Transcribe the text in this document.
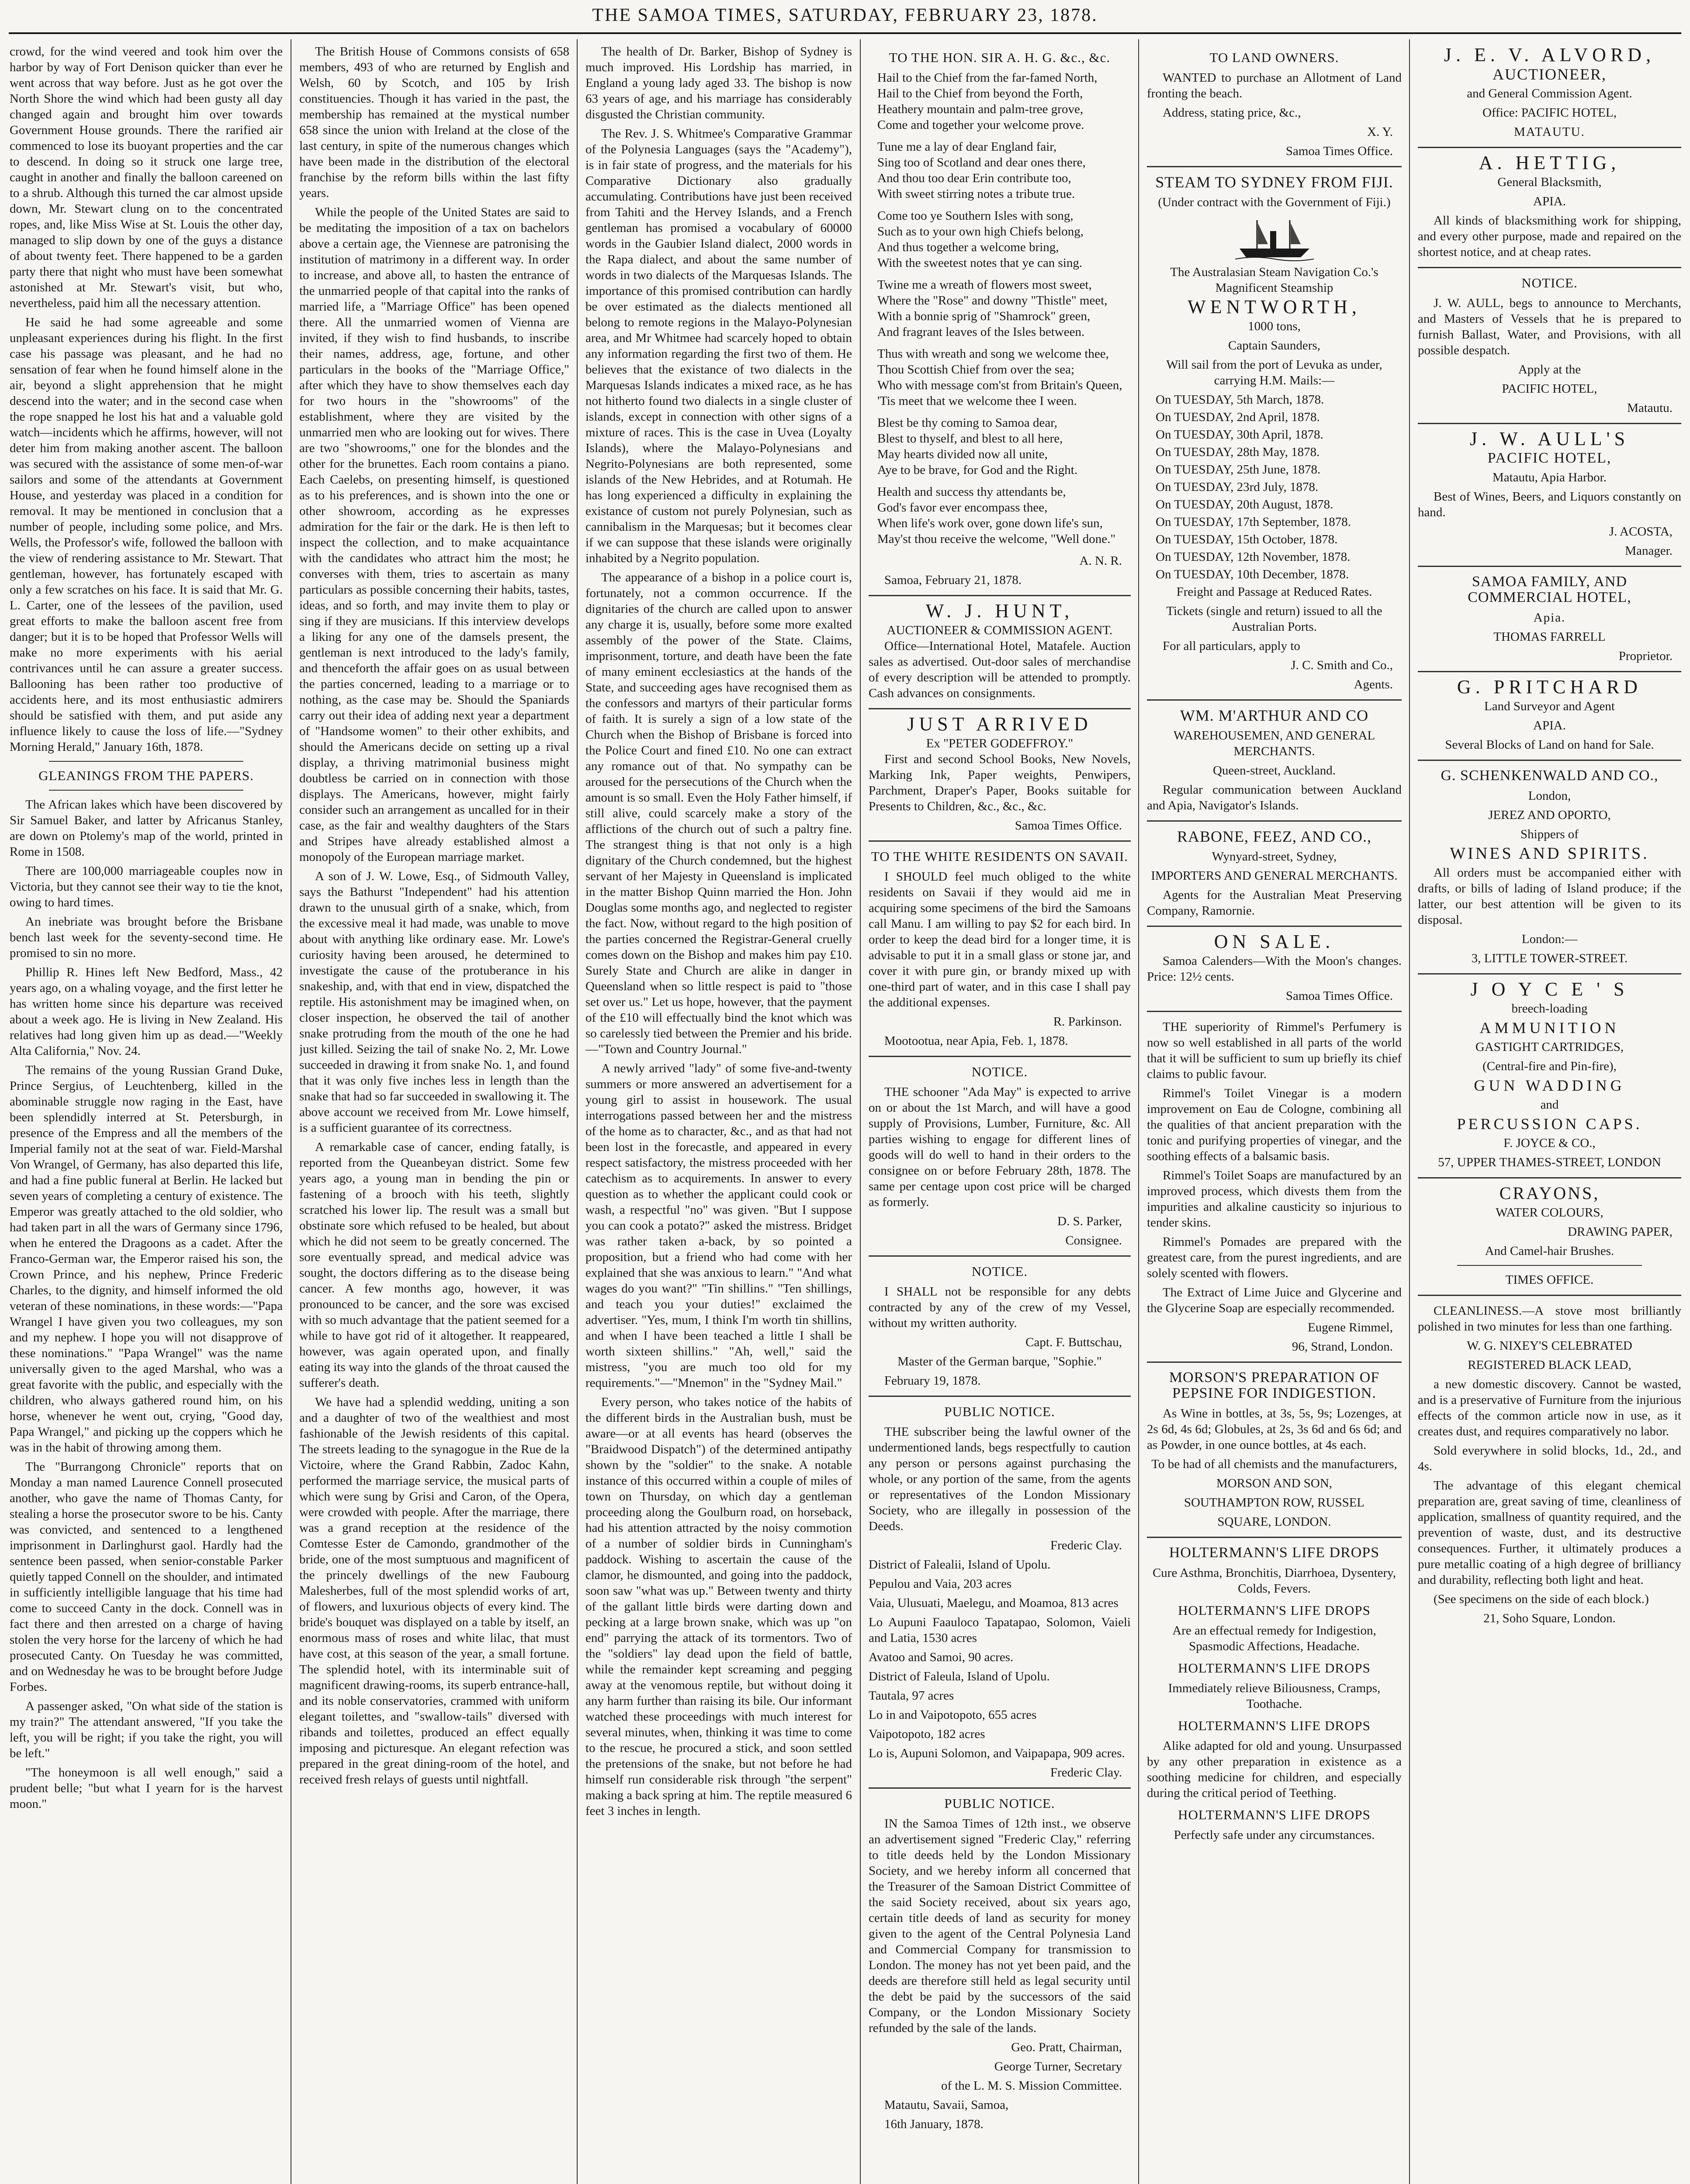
THE SAMOA TIMES, SATURDAY, FEBRUARY 23, 1878.

crowd, for the wind veered and took him over the harbor by way of Fort Denison quicker than ever he went across that way before. Just as he got over the North Shore the wind which had been gusty all day changed again and brought him over towards Government House grounds. There the rarified air commenced to lose its buoyant properties and the car to descend. In doing so it struck one large tree, caught in another and finally the balloon careened on to a shrub. Although this turned the car almost upside down, Mr. Stewart clung on to the concentrated ropes, and, like Miss Wise at St. Louis the other day, managed to slip down by one of the guys a distance of about twenty feet. There happened to be a garden party there that night who must have been somewhat astonished at Mr. Stewart's visit, but who, nevertheless, paid him all the necessary attention.

He said he had some agreeable and some unpleasant experiences during his flight. In the first case his passage was pleasant, and he had no sensation of fear when he found himself alone in the air, beyond a slight apprehension that he might descend into the water; and in the second case when the rope snapped he lost his hat and a valuable gold watch—incidents which he affirms, however, will not deter him from making another ascent. The balloon was secured with the assistance of some men-of-war sailors and some of the attendants at Government House, and yesterday was placed in a condition for removal. It may be mentioned in conclusion that a number of people, including some police, and Mrs. Wells, the Professor's wife, followed the balloon with the view of rendering assistance to Mr. Stewart. That gentleman, however, has fortunately escaped with only a few scratches on his face. It is said that Mr. G. L. Carter, one of the lessees of the pavilion, used great efforts to make the balloon ascent free from danger; but it is to be hoped that Professor Wells will make no more experiments with his aerial contrivances until he can assure a greater success. Ballooning has been rather too productive of accidents here, and its most enthusiastic admirers should be satisfied with them, and put aside any influence likely to cause the loss of life.—"Sydney Morning Herald," January 16th, 1878.

GLEANINGS FROM THE PAPERS.

The African lakes which have been discovered by Sir Samuel Baker, and latter by Africanus Stanley, are down on Ptolemy's map of the world, printed in Rome in 1508.

There are 100,000 marriageable couples now in Victoria, but they cannot see their way to tie the knot, owing to hard times.

An inebriate was brought before the Brisbane bench last week for the seventy-second time. He promised to sin no more.

Phillip R. Hines left New Bedford, Mass., 42 years ago, on a whaling voyage, and the first letter he has written home since his departure was received about a week ago. He is living in New Zealand. His relatives had long given him up as dead.—"Weekly Alta California," Nov. 24.

The remains of the young Russian Grand Duke, Prince Sergius, of Leuchtenberg, killed in the abominable struggle now raging in the East, have been splendidly interred at St. Petersburgh, in presence of the Empress and all the members of the Imperial family not at the seat of war. Field-Marshal Von Wrangel, of Germany, has also departed this life, and had a fine public funeral at Berlin. He lacked but seven years of completing a century of existence. The Emperor was greatly attached to the old soldier, who had taken part in all the wars of Germany since 1796, when he entered the Dragoons as a cadet. After the Franco-German war, the Emperor raised his son, the Crown Prince, and his nephew, Prince Frederic Charles, to the dignity, and himself informed the old veteran of these nominations, in these words:—"Papa Wrangel I have given you two colleagues, my son and my nephew. I hope you will not disapprove of these nominations." "Papa Wrangel" was the name universally given to the aged Marshal, who was a great favorite with the public, and especially with the children, who always gathered round him, on his horse, whenever he went out, crying, "Good day, Papa Wrangel," and picking up the coppers which he was in the habit of throwing among them.

The "Burrangong Chronicle" reports that on Monday a man named Laurence Connell prosecuted another, who gave the name of Thomas Canty, for stealing a horse the prosecutor swore to be his. Canty was convicted, and sentenced to a lengthened imprisonment in Darlinghurst gaol. Hardly had the sentence been passed, when senior-constable Parker quietly tapped Connell on the shoulder, and intimated in sufficiently intelligible language that his time had come to succeed Canty in the dock. Connell was in fact there and then arrested on a charge of having stolen the very horse for the larceny of which he had prosecuted Canty. On Tuesday he was committed, and on Wednesday he was to be brought before Judge Forbes.

A passenger asked, "On what side of the station is my train?" The attendant answered, "If you take the left, you will be right; if you take the right, you will be left."

"The honeymoon is all well enough," said a prudent belle; "but what I yearn for is the harvest moon."

The British House of Commons consists of 658 members, 493 of who are returned by English and Welsh, 60 by Scotch, and 105 by Irish constituencies. Though it has varied in the past, the membership has remained at the mystical number 658 since the union with Ireland at the close of the last century, in spite of the numerous changes which have been made in the distribution of the electoral franchise by the reform bills within the last fifty years.

While the people of the United States are said to be meditating the imposition of a tax on bachelors above a certain age, the Viennese are patronising the institution of matrimony in a different way. In order to increase, and above all, to hasten the entrance of the unmarried people of that capital into the ranks of married life, a "Marriage Office" has been opened there. All the unmarried women of Vienna are invited, if they wish to find husbands, to inscribe their names, address, age, fortune, and other particulars in the books of the "Marriage Office," after which they have to show themselves each day for two hours in the "showrooms" of the establishment, where they are visited by the unmarried men who are looking out for wives. There are two "showrooms," one for the blondes and the other for the brunettes. Each room contains a piano. Each Caelebs, on presenting himself, is questioned as to his preferences, and is shown into the one or other showroom, according as he expresses admiration for the fair or the dark. He is then left to inspect the collection, and to make acquaintance with the candidates who attract him the most; he converses with them, tries to ascertain as many particulars as possible concerning their habits, tastes, ideas, and so forth, and may invite them to play or sing if they are musicians. If this interview develops a liking for any one of the damsels present, the gentleman is next introduced to the lady's family, and thenceforth the affair goes on as usual between the parties concerned, leading to a marriage or to nothing, as the case may be. Should the Spaniards carry out their idea of adding next year a department of "Handsome women" to their other exhibits, and should the Americans decide on setting up a rival display, a thriving matrimonial business might doubtless be carried on in connection with those displays. The Americans, however, might fairly consider such an arrangement as uncalled for in their case, as the fair and wealthy daughters of the Stars and Stripes have already established almost a monopoly of the European marriage market.

A son of J. W. Lowe, Esq., of Sidmouth Valley, says the Bathurst "Independent" had his attention drawn to the unusual girth of a snake, which, from the excessive meal it had made, was unable to move about with anything like ordinary ease. Mr. Lowe's curiosity having been aroused, he determined to investigate the cause of the protuberance in his snakeship, and, with that end in view, dispatched the reptile. His astonishment may be imagined when, on closer inspection, he observed the tail of another snake protruding from the mouth of the one he had just killed. Seizing the tail of snake No. 2, Mr. Lowe succeeded in drawing it from snake No. 1, and found that it was only five inches less in length than the snake that had so far succeeded in swallowing it. The above account we received from Mr. Lowe himself, is a sufficient guarantee of its correctness.

A remarkable case of cancer, ending fatally, is reported from the Queanbeyan district. Some few years ago, a young man in bending the pin or fastening of a brooch with his teeth, slightly scratched his lower lip. The result was a small but obstinate sore which refused to be healed, but about which he did not seem to be greatly concerned. The sore eventually spread, and medical advice was sought, the doctors differing as to the disease being cancer. A few months ago, however, it was pronounced to be cancer, and the sore was excised with so much advantage that the patient seemed for a while to have got rid of it altogether. It reappeared, however, was again operated upon, and finally eating its way into the glands of the throat caused the sufferer's death.

We have had a splendid wedding, uniting a son and a daughter of two of the wealthiest and most fashionable of the Jewish residents of this capital. The streets leading to the synagogue in the Rue de la Victoire, where the Grand Rabbin, Zadoc Kahn, performed the marriage service, the musical parts of which were sung by Grisi and Caron, of the Opera, were crowded with people. After the marriage, there was a grand reception at the residence of the Comtesse Ester de Camondo, grandmother of the bride, one of the most sumptuous and magnificent of the princely dwellings of the new Faubourg Malesherbes, full of the most splendid works of art, of flowers, and luxurious objects of every kind. The bride's bouquet was displayed on a table by itself, an enormous mass of roses and white lilac, that must have cost, at this season of the year, a small fortune. The splendid hotel, with its interminable suit of magnificent drawing-rooms, its superb entrance-hall, and its noble conservatories, crammed with uniform elegant toilettes, and "swallow-tails" diversed with ribands and toilettes, produced an effect equally imposing and picturesque. An elegant refection was prepared in the great dining-room of the hotel, and received fresh relays of guests until nightfall.

The health of Dr. Barker, Bishop of Sydney is much improved. His Lordship has married, in England a young lady aged 33. The bishop is now 63 years of age, and his marriage has considerably disgusted the Christian community.

The Rev. J. S. Whitmee's Comparative Grammar of the Polynesia Languages (says the "Academy"), is in fair state of progress, and the materials for his Comparative Dictionary also gradually accumulating. Contributions have just been received from Tahiti and the Hervey Islands, and a French gentleman has promised a vocabulary of 60000 words in the Gaubier Island dialect, 2000 words in the Rapa dialect, and about the same number of words in two dialects of the Marquesas Islands. The importance of this promised contribution can hardly be over estimated as the dialects mentioned all belong to remote regions in the Malayo-Polynesian area, and Mr Whitmee had scarcely hoped to obtain any information regarding the first two of them. He believes that the existance of two dialects in the Marquesas Islands indicates a mixed race, as he has not hitherto found two dialects in a single cluster of islands, except in connection with other signs of a mixture of races. This is the case in Uvea (Loyalty Islands), where the Malayo-Polynesians and Negrito-Polynesians are both represented, some islands of the New Hebrides, and at Rotumah. He has long experienced a difficulty in explaining the existance of custom not purely Polynesian, such as cannibalism in the Marquesas; but it becomes clear if we can suppose that these islands were originally inhabited by a Negrito population.

The appearance of a bishop in a police court is, fortunately, not a common occurrence. If the dignitaries of the church are called upon to answer any charge it is, usually, before some more exalted assembly of the power of the State. Claims, imprisonment, torture, and death have been the fate of many eminent ecclesiastics at the hands of the State, and succeeding ages have recognised them as the confessors and martyrs of their particular forms of faith. It is surely a sign of a low state of the Church when the Bishop of Brisbane is forced into the Police Court and fined £10. No one can extract any romance out of that. No sympathy can be aroused for the persecutions of the Church when the amount is so small. Even the Holy Father himself, if still alive, could scarcely make a story of the afflictions of the church out of such a paltry fine. The strangest thing is that not only is a high dignitary of the Church condemned, but the highest servant of her Majesty in Queensland is implicated in the matter Bishop Quinn married the Hon. John Douglas some months ago, and neglected to register the fact. Now, without regard to the high position of the parties concerned the Registrar-General cruelly comes down on the Bishop and makes him pay £10. Surely State and Church are alike in danger in Queensland when so little respect is paid to "those set over us." Let us hope, however, that the payment of the £10 will effectually bind the knot which was so carelessly tied between the Premier and his bride.—"Town and Country Journal."

A newly arrived "lady" of some five-and-twenty summers or more answered an advertisement for a young girl to assist in housework. The usual interrogations passed between her and the mistress of the home as to character, &c., and as that had not been lost in the forecastle, and appeared in every respect satisfactory, the mistress proceeded with her catechism as to acquirements. In answer to every question as to whether the applicant could cook or wash, a respectful "no" was given. "But I suppose you can cook a potato?" asked the mistress. Bridget was rather taken a-back, by so pointed a proposition, but a friend who had come with her explained that she was anxious to learn." "And what wages do you want?" "Tin shillins." "Ten shillings, and teach you your duties!" exclaimed the advertiser. "Yes, mum, I think I'm worth tin shillins, and when I have been teached a little I shall be worth sixteen shillins." "Ah, well," said the mistress, "you are much too old for my requirements."—"Mnemon" in the "Sydney Mail."

Every person, who takes notice of the habits of the different birds in the Australian bush, must be aware—or at all events has heard (observes the "Braidwood Dispatch") of the determined antipathy shown by the "soldier" to the snake. A notable instance of this occurred within a couple of miles of town on Thursday, on which day a gentleman proceeding along the Goulburn road, on horseback, had his attention attracted by the noisy commotion of a number of soldier birds in Cunningham's paddock. Wishing to ascertain the cause of the clamor, he dismounted, and going into the paddock, soon saw "what was up." Between twenty and thirty of the gallant little birds were darting down and pecking at a large brown snake, which was up "on end" parrying the attack of its tormentors. Two of the "soldiers" lay dead upon the field of battle, while the remainder kept screaming and pegging away at the venomous reptile, but without doing it any harm further than raising its bile. Our informant watched these proceedings with much interest for several minutes, when, thinking it was time to come to the rescue, he procured a stick, and soon settled the pretensions of the snake, but not before he had himself run considerable risk through "the serpent" making a back spring at him. The reptile measured 6 feet 3 inches in length.

TO THE HON. SIR A. H. G. &c., &c.

Hail to the Chief from the far-famed North,

Hail to the Chief from beyond the Forth,

Heathery mountain and palm-tree grove,

Come and together your welcome prove.

Tune me a lay of dear England fair,

Sing too of Scotland and dear ones there,

And thou too dear Erin contribute too,

With sweet stirring notes a tribute true.

Come too ye Southern Isles with song,

Such as to your own high Chiefs belong,

And thus together a welcome bring,

With the sweetest notes that ye can sing.

Twine me a wreath of flowers most sweet,

Where the "Rose" and downy "Thistle" meet,

With a bonnie sprig of "Shamrock" green,

And fragrant leaves of the Isles between.

Thus with wreath and song we welcome thee,

Thou Scottish Chief from over the sea;

Who with message com'st from Britain's Queen,

'Tis meet that we welcome thee I ween.

Blest be thy coming to Samoa dear,

Blest to thyself, and blest to all here,

May hearts divided now all unite,

Aye to be brave, for God and the Right.

Health and success thy attendants be,

God's favor ever encompass thee,

When life's work over, gone down life's sun,

May'st thou receive the welcome, "Well done."

A. N. R.

Samoa, February 21, 1878.

W. J. HUNT,
AUCTIONEER & COMMISSION AGENT.

Office—International Hotel, Matafele. Auction sales as advertised. Out-door sales of merchandise of every description will be attended to promptly. Cash advances on consignments.

JUST ARRIVED
Ex "PETER GODEFFROY."

First and second School Books, New Novels, Marking Ink, Paper weights, Penwipers, Parchment, Draper's Paper, Books suitable for Presents to Children, &c., &c., &c.

Samoa Times Office.

TO THE WHITE RESIDENTS ON SAVAII.

I SHOULD feel much obliged to the white residents on Savaii if they would aid me in acquiring some specimens of the bird the Samoans call Manu. I am willing to pay $2 for each bird. In order to keep the dead bird for a longer time, it is advisable to put it in a small glass or stone jar, and cover it with pure gin, or brandy mixed up with one-third part of water, and in this case I shall pay the additional expenses.

R. Parkinson.

Mootootua, near Apia, Feb. 1, 1878.

NOTICE.

THE schooner "Ada May" is expected to arrive on or about the 1st March, and will have a good supply of Provisions, Lumber, Furniture, &c. All parties wishing to engage for different lines of goods will do well to hand in their orders to the consignee on or before February 28th, 1878. The same per centage upon cost price will be charged as formerly.

D. S. Parker,

Consignee.

NOTICE.

I SHALL not be responsible for any debts contracted by any of the crew of my Vessel, without my written authority.

Capt. F. Buttschau,

Master of the German barque, "Sophie."

February 19, 1878.

PUBLIC NOTICE.

THE subscriber being the lawful owner of the undermentioned lands, begs respectfully to caution any person or persons against purchasing the whole, or any portion of the same, from the agents or representatives of the London Missionary Society, who are illegally in possession of the Deeds.

Frederic Clay.

District of Falealii, Island of Upolu.

Pepulou and Vaia, 203 acres

Vaia, Ulusuati, Maelegu, and Moamoa, 813 acres

Lo Aupuni Faauloco Tapatapao, Solomon, Vaieli and Latia, 1530 acres

Avatoo and Samoi, 90 acres.

District of Faleula, Island of Upolu.

Tautala, 97 acres

Lo in and Vaipotopoto, 655 acres

Vaipotopoto, 182 acres

Lo is, Aupuni Solomon, and Vaipapapa, 909 acres.

Frederic Clay.

PUBLIC NOTICE.

IN the Samoa Times of 12th inst., we observe an advertisement signed "Frederic Clay," referring to title deeds held by the London Missionary Society, and we hereby inform all concerned that the Treasurer of the Samoan District Committee of the said Society received, about six years ago, certain title deeds of land as security for money given to the agent of the Central Polynesia Land and Commercial Company for transmission to London. The money has not yet been paid, and the deeds are therefore still held as legal security until the debt be paid by the successors of the said Company, or the London Missionary Society refunded by the sale of the lands.

Geo. Pratt, Chairman,

George Turner, Secretary

of the L. M. S. Mission Committee.

Matautu, Savaii, Samoa,

16th January, 1878.

TO LAND OWNERS.

WANTED to purchase an Allotment of Land fronting the beach.

Address, stating price, &c.,

X. Y.

Samoa Times Office.

STEAM TO SYDNEY FROM FIJI.

(Under contract with the Government of Fiji.)

The Australasian Steam Navigation Co.'s Magnificent Steamship

WENTWORTH,

1000 tons,

Captain Saunders,

Will sail from the port of Levuka as under, carrying H.M. Mails:—

On TUESDAY, 5th March, 1878.

On TUESDAY, 2nd April, 1878.

On TUESDAY, 30th April, 1878.

On TUESDAY, 28th May, 1878.

On TUESDAY, 25th June, 1878.

On TUESDAY, 23rd July, 1878.

On TUESDAY, 20th August, 1878.

On TUESDAY, 17th September, 1878.

On TUESDAY, 15th October, 1878.

On TUESDAY, 12th November, 1878.

On TUESDAY, 10th December, 1878.

Freight and Passage at Reduced Rates.

Tickets (single and return) issued to all the Australian Ports.

For all particulars, apply to

J. C. Smith and Co.,

Agents.

WM. M'ARTHUR AND CO

WAREHOUSEMEN, AND GENERAL MERCHANTS.

Queen-street, Auckland.

Regular communication between Auckland and Apia, Navigator's Islands.

RABONE, FEEZ, AND CO.,

Wynyard-street, Sydney,

IMPORTERS AND GENERAL MERCHANTS.

Agents for the Australian Meat Preserving Company, Ramornie.

ON SALE.

Samoa Calenders—With the Moon's changes. Price: 12½ cents.

Samoa Times Office.

THE superiority of Rimmel's Perfumery is now so well established in all parts of the world that it will be sufficient to sum up briefly its chief claims to public favour.

Rimmel's Toilet Vinegar is a modern improvement on Eau de Cologne, combining all the qualities of that ancient preparation with the tonic and purifying properties of vinegar, and the soothing effects of a balsamic basis.

Rimmel's Toilet Soaps are manufactured by an improved process, which divests them from the impurities and alkaline causticity so injurious to tender skins.

Rimmel's Pomades are prepared with the greatest care, from the purest ingredients, and are solely scented with flowers.

The Extract of Lime Juice and Glycerine and the Glycerine Soap are especially recommended.

Eugene Rimmel,

96, Strand, London.

MORSON'S PREPARATION OF PEPSINE FOR INDIGESTION.

As Wine in bottles, at 3s, 5s, 9s; Lozenges, at 2s 6d, 4s 6d; Globules, at 2s, 3s 6d and 6s 6d; and as Powder, in one ounce bottles, at 4s each.

To be had of all chemists and the manufacturers,

MORSON AND SON,

SOUTHAMPTON ROW, RUSSEL

SQUARE, LONDON.

HOLTERMANN'S LIFE DROPS

Cure Asthma, Bronchitis, Diarrhoea, Dysentery, Colds, Fevers.

HOLTERMANN'S LIFE DROPS

Are an effectual remedy for Indigestion, Spasmodic Affections, Headache.

HOLTERMANN'S LIFE DROPS

Immediately relieve Biliousness, Cramps, Toothache.

HOLTERMANN'S LIFE DROPS

Alike adapted for old and young. Unsurpassed by any other preparation in existence as a soothing medicine for children, and especially during the critical period of Teething.

HOLTERMANN'S LIFE DROPS

Perfectly safe under any circumstances.

J. E. V. ALVORD,

AUCTIONEER,

and General Commission Agent.

Office: PACIFIC HOTEL,

MATAUTU.

A. HETTIG,

General Blacksmith,

APIA.

All kinds of blacksmithing work for shipping, and every other purpose, made and repaired on the shortest notice, and at cheap rates.

NOTICE.

J. W. AULL, begs to announce to Merchants, and Masters of Vessels that he is prepared to furnish Ballast, Water, and Provisions, with all possible despatch.

Apply at the

PACIFIC HOTEL,

Matautu.

J. W. AULL'S

PACIFIC HOTEL,

Matautu, Apia Harbor.

Best of Wines, Beers, and Liquors constantly on hand.

J. ACOSTA,

Manager.

SAMOA FAMILY, AND COMMERCIAL HOTEL,

Apia.

THOMAS FARRELL

Proprietor.

G. PRITCHARD

Land Surveyor and Agent

APIA.

Several Blocks of Land on hand for Sale.

G. SCHENKENWALD AND CO.,

London,

JEREZ AND OPORTO,

Shippers of

WINES AND SPIRITS.

All orders must be accompanied either with drafts, or bills of lading of Island produce; if the latter, our best attention will be given to its disposal.

London:—

3, LITTLE TOWER-STREET.

J O Y C E ' S

breech-loading

AMMUNITION

GASTIGHT CARTRIDGES,

(Central-fire and Pin-fire),

GUN WADDING

and

PERCUSSION CAPS.

F. JOYCE & CO.,

57, UPPER THAMES-STREET, LONDON

CRAYONS,

WATER COLOURS,

DRAWING PAPER,

And Camel-hair Brushes.

TIMES OFFICE.

CLEANLINESS.—A stove most brilliantly polished in two minutes for less than one farthing.

W. G. NIXEY'S CELEBRATED

REGISTERED BLACK LEAD,

a new domestic discovery. Cannot be wasted, and is a preservative of Furniture from the injurious effects of the common article now in use, as it creates dust, and requires comparatively no labor.

Sold everywhere in solid blocks, 1d., 2d., and 4s.

The advantage of this elegant chemical preparation are, great saving of time, cleanliness of application, smallness of quantity required, and the prevention of waste, dust, and its destructive consequences. Further, it ultimately produces a pure metallic coating of a high degree of brilliancy and durability, reflecting both light and heat.

(See specimens on the side of each block.)

21, Soho Square, London.
